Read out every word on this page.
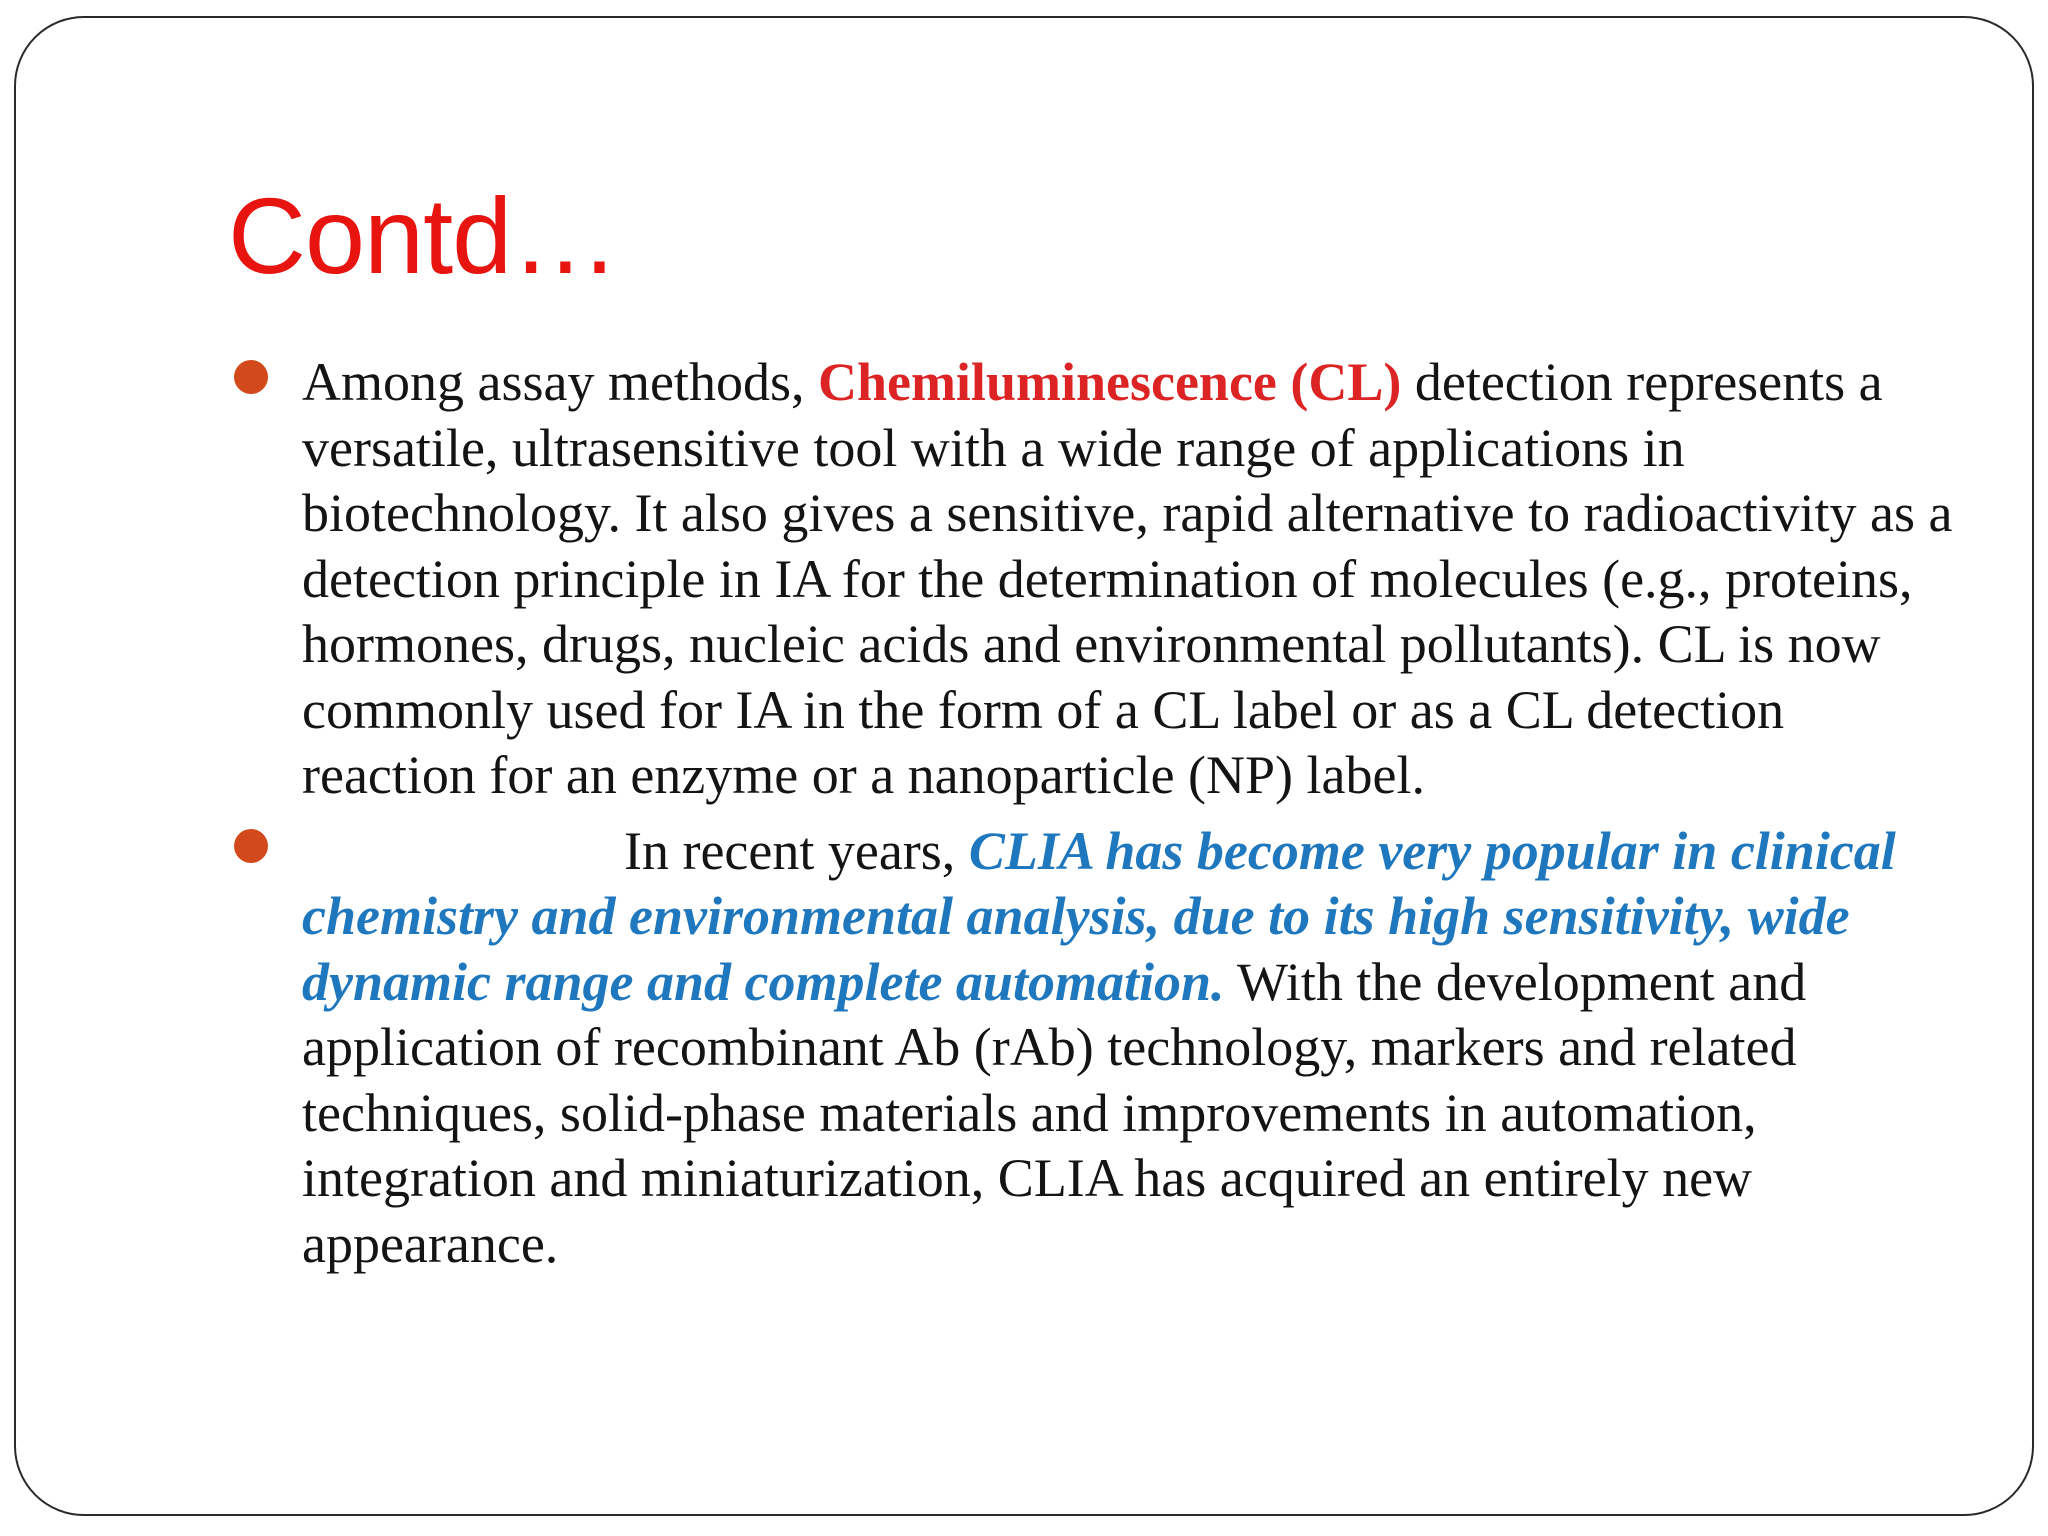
Contd…
Among assay methods, Chemiluminescence (CL) detection represents a versatile, ultrasensitive tool with a wide range of applications in biotechnology. It also gives a sensitive, rapid alternative to radioactivity as a detection principle in IA for the determination of molecules (e.g., proteins, hormones, drugs, nucleic acids and environmental pollutants). CL is now commonly used for IA in the form of a CL label or as a CL detection reaction for an enzyme or a nanoparticle (NP) label.
In recent years, CLIA has become very popular in clinical chemistry and environmental analysis, due to its high sensitivity, wide dynamic range and complete automation. With the development and application of recombinant Ab (rAb) technology, markers and related techniques, solid-phase materials and improvements in automation, integration and miniaturization, CLIA has acquired an entirely new appearance.
